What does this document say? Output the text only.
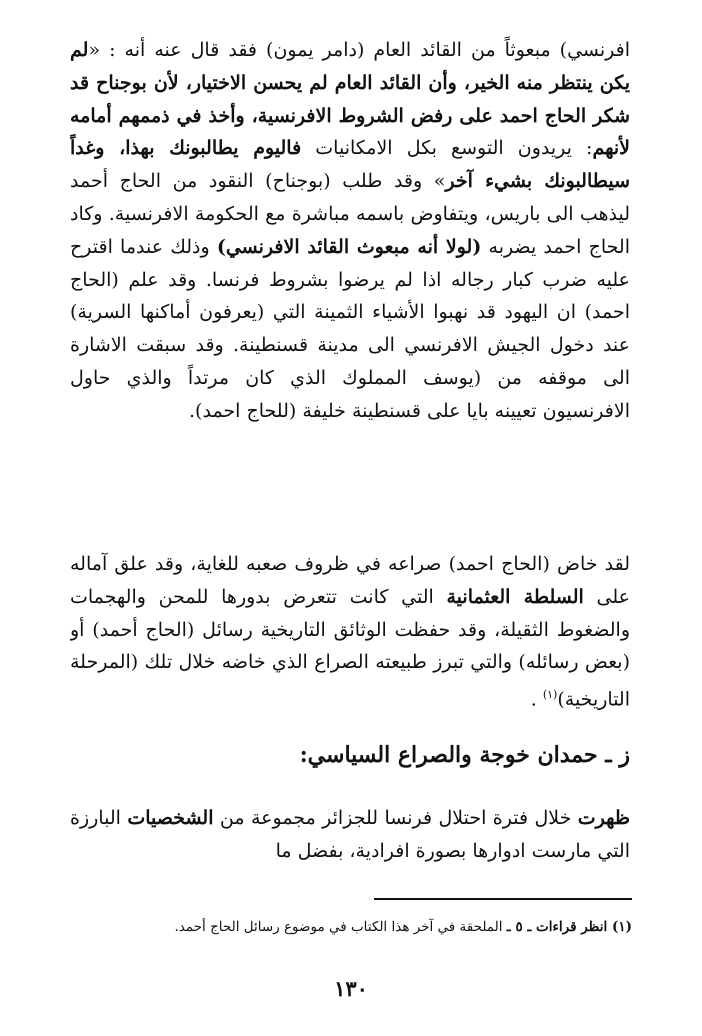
افرنسي) مبعوثاً من القائد العام (دامر يمون) فقد قال عنه أنه : «لم يكن ينتظر منه الخير، وأن القائد العام لم يحسن الاختيار، لأن بوجناح قد شكر الحاج احمد على رفض الشروط الافرنسية، وأخذ في ذممهم أمامه لأنهم: يريدون التوسع بكل الامكانيات فاليوم يطالبونك بهذا، وغداً سيطالبونك بشيء آخر» وقد طلب (بوجناح) النقود من الحاج أحمد ليذهب الى باريس، ويتفاوض باسمه مباشرة مع الحكومة الافرنسية. وكاد الحاج احمد يضربه (لولا أنه مبعوث القائد الافرنسي) وذلك عندما اقترح عليه ضرب كبار رجاله اذا لم يرضوا بشروط فرنسا. وقد علم (الحاج احمد) ان اليهود قد نهبوا الأشياء الثمينة التي (يعرفون أماكنها السرية) عند دخول الجيش الافرنسي الى مدينة قسنطينة. وقد سبقت الاشارة الى موقفه من (يوسف المملوك الذي كان مرتداً والذي حاول الافرنسيون تعيينه بايا على قسنطينة خليفة (للحاج احمد).

لقد خاض (الحاج احمد) صراعه في ظروف صعبه للغاية، وقد علق آماله على السلطة العثمانية التي كانت تتعرض بدورها للمحن والهجمات والضغوط الثقيلة، وقد حفظت الوثائق التاريخية رسائل (الحاج أحمد) أو (بعض رسائله) والتي تبرز طبيعته الصراع الذي خاضه خلال تلك (المرحلة التاريخية)$^{(١)}$ .

ز ـ حمدان خوجة والصراع السياسي:

ظهرت خلال فترة احتلال فرنسا للجزائر مجموعة من الشخصيات البارزة التي مارست ادوارها بصورة افرادية، بفضل ما

(١) انظر قراءات ـ ٥ ـ الملحقة في آخر هذا الكتاب في موضوع رسائل الحاج أحمد.

١٣٠
